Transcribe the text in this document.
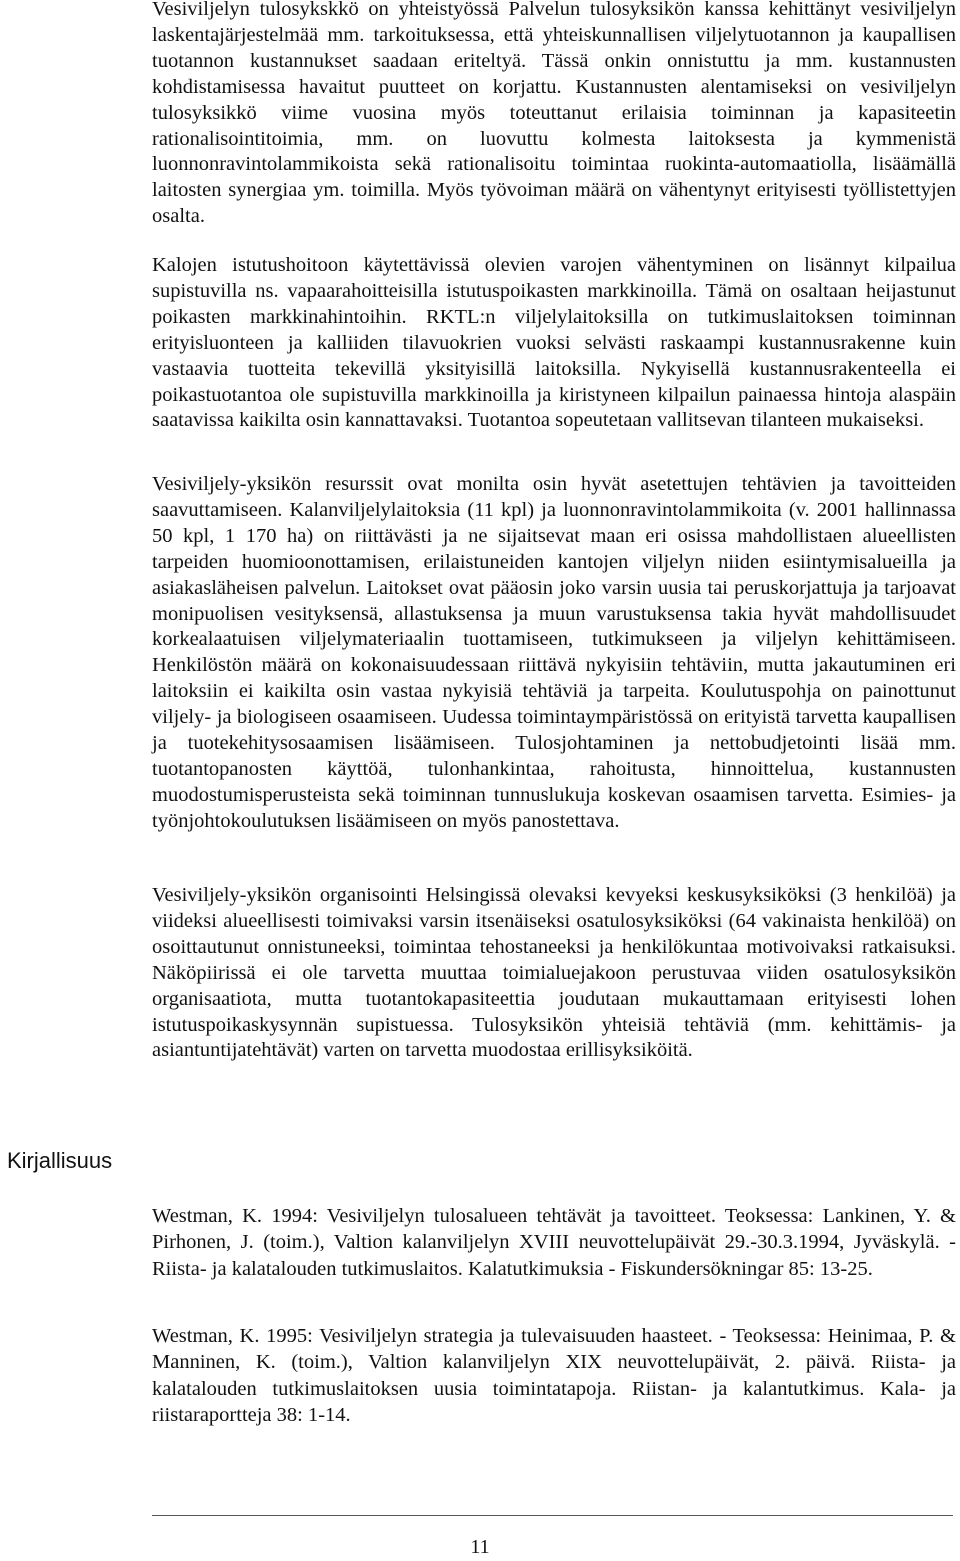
Vesiviljelyn tulosykskkö on yhteistyössä Palvelun tulosyksikön kanssa kehittänyt vesiviljelyn laskentajärjestelmää mm. tarkoituksessa, että yhteiskunnallisen viljelytuotannon ja kaupallisen tuotannon kustannukset saadaan eriteltyä. Tässä onkin onnistuttu ja mm. kustannusten kohdistamisessa havaitut puutteet on korjattu. Kustannusten alentamiseksi on vesiviljelyn tulosyksikkö viime vuosina myös toteuttanut erilaisia toiminnan ja kapasiteetin rationalisointitoimia, mm. on luovuttu kolmesta laitoksesta ja kymmenistä luonnonravintolammikoista sekä rationalisoitu toimintaa ruokinta-automaatiolla, lisäämällä laitosten synergiaa ym. toimilla. Myös työvoiman määrä on vähentynyt erityisesti työllistettyjen osalta.

Kalojen istutushoitoon käytettävissä olevien varojen vähentyminen on lisännyt kilpailua supistuvilla ns. vapaarahoitteisilla istutuspoikasten markkinoilla. Tämä on osaltaan heijastunut poikasten markkinahintoihin. RKTL:n viljelylaitoksilla on tutkimuslaitoksen toiminnan erityisluonteen ja kalliiden tilavuokrien vuoksi selvästi raskaampi kustannusrakenne kuin vastaavia tuotteita tekevillä yksityisillä laitoksilla. Nykyisellä kustannusrakenteella ei poikastuotantoa ole supistuvilla markkinoilla ja kiristyneen kilpailun painaessa hintoja alaspäin saatavissa kaikilta osin kannattavaksi. Tuotantoa sopeutetaan vallitsevan tilanteen mukaiseksi.

Vesiviljely-yksikön resurssit ovat monilta osin hyvät asetettujen tehtävien ja tavoitteiden saavuttamiseen. Kalanviljelylaitoksia (11 kpl) ja luonnonravintolammikoita (v. 2001 hallinnassa 50 kpl, 1 170 ha) on riittävästi ja ne sijaitsevat maan eri osissa mahdollistaen alueellisten tarpeiden huomioonottamisen, erilaistuneiden kantojen viljelyn niiden esiintymisalueilla ja asiakasläheisen palvelun. Laitokset ovat pääosin joko varsin uusia tai peruskorjattuja ja tarjoavat monipuolisen vesityksensä, allastuksensa ja muun varustuksensa takia hyvät mahdollisuudet korkealaatuisen viljelymateriaalin tuottamiseen, tutkimukseen ja viljelyn kehittämiseen. Henkilöstön määrä on kokonaisuudessaan riittävä nykyisiin tehtäviin, mutta jakautuminen eri laitoksiin ei kaikilta osin vastaa nykyisiä tehtäviä ja tarpeita. Koulutuspohja on painottunut viljely- ja biologiseen osaamiseen. Uudessa toimintaympäristössä on erityistä tarvetta kaupallisen ja tuotekehitysosaamisen lisäämiseen. Tulosjohtaminen ja nettobudjetointi lisää mm. tuotantopanosten käyttöä, tulonhankintaa, rahoitusta, hinnoittelua, kustannusten muodostumisperusteista sekä toiminnan tunnuslukuja koskevan osaamisen tarvetta. Esimies- ja työnjohtokoulutuksen lisäämiseen on myös panostettava.

Vesiviljely-yksikön organisointi Helsingissä olevaksi kevyeksi keskusyksiköksi (3 henkilöä) ja viideksi alueellisesti toimivaksi varsin itsenäiseksi osatulosyksiköksi (64 vakinaista henkilöä) on osoittautunut onnistuneeksi, toimintaa tehostaneeksi ja henkilökuntaa motivoivaksi ratkaisuksi. Näköpiirissä ei ole tarvetta muuttaa toimialuejakoon perustuvaa viiden osatulosyksikön organisaatiota, mutta tuotantokapasiteettia joudutaan mukauttamaan erityisesti lohen istutuspoikaskysynnän supistuessa. Tulosyksikön yhteisiä tehtäviä (mm. kehittämis- ja asiantuntijatehtävät) varten on tarvetta muodostaa erillisyksiköitä.

Kirjallisuus

Westman, K. 1994: Vesiviljelyn tulosalueen tehtävät ja tavoitteet. Teoksessa: Lankinen, Y. & Pirhonen, J. (toim.), Valtion kalanviljelyn XVIII neuvottelupäivät 29.-30.3.1994, Jyväskylä. - Riista- ja kalatalouden tutkimuslaitos. Kalatutkimuksia - Fiskundersökningar 85: 13-25.

Westman, K. 1995: Vesiviljelyn strategia ja tulevaisuuden haasteet. - Teoksessa: Heinimaa, P. & Manninen, K. (toim.), Valtion kalanviljelyn XIX neuvottelupäivät, 2. päivä. Riista- ja kalatalouden tutkimuslaitoksen uusia toimintatapoja. Riistan- ja kalantutkimus. Kala- ja riistaraportteja 38: 1-14.

11
